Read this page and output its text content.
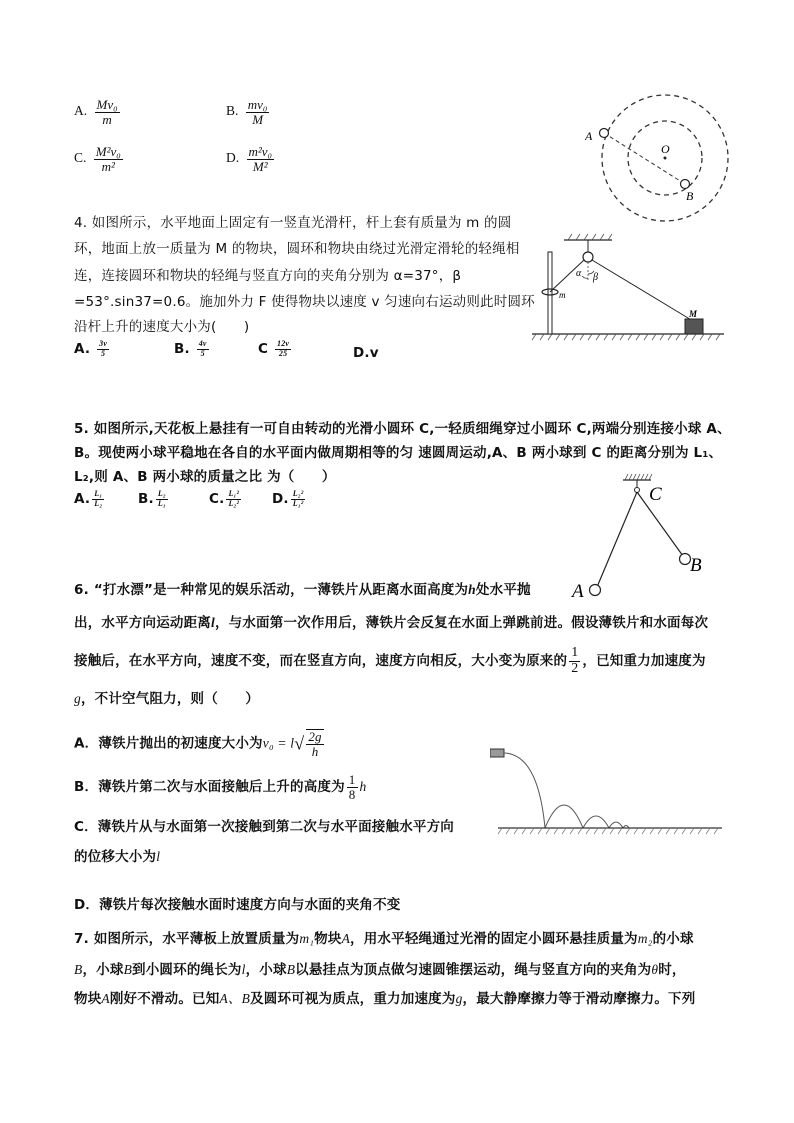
A. $\frac{\text{Mv₀}}{m}$	B. $\frac{\text{mv₀}}{M}$
C. $\frac{\text{M²v₀}}{\text{m²}}$	D. $\frac{\text{m²v₀}}{\text{M²}}$
A
O
B
4. 如图所示，水平地面上固定有一竖直光滑杆，杆上套有质量为 m 的圆
环，地面上放一质量为 M 的物块，圆环和物块由绕过光滑定滑轮的轻绳相
连，连接圆环和物块的轻绳与竖直方向的夹角分别为 α=37°，β
=53°.sin37=0.6。施加外力 F 使得物块以速度 v 匀速向右运动则此时圆环
沿杆上升的速度大小为(　　)
A. $\frac{3v}{5}$	B. $\frac{4v}{5}$	C $\frac{12v}{25}$	D.v
α β
m
M
5. 如图所示,天花板上悬挂有一可自由转动的光滑小圆环 C,一轻质细绳穿过小圆环 C,两端分别连接小球 A、
B。现使两小球平稳地在各自的水平面内做周期相等的匀 速圆周运动,A、B 两小球到 C 的距离分别为 L₁、
L₂,则 A、B 两小球的质量之比 为（　　）
A. $\frac{\text{L₁}}{\text{L₂}} B$. $\frac{\text{L₂}}{\text{L₁}}$	C. $\frac{\text{L₁²}}{\text{L₂²}} D$. $\frac{\text{L₂²}}{\text{L₁²}}$	C
B
A
6. “打水漂”是一种常见的娱乐活动，一薄铁片从距离水面高度为h处水平抛
出，水平方向运动距离l，与水面第一次作用后，薄铁片会反复在水面上弹跳前进。假设薄铁片和水面每次
接触后，在水平方向，速度不变，而在竖直方向，速度方向相反，大小变为原来的 $\frac{1}{2}$ ，已知重力加速度为
g，不计空气阻力，则（　　）
A．薄铁片抛出的初速度大小为$v_0 = l√ \frac{2g}{h}$
B．薄铁片第二次与水面接触后上升的高度为 $\frac{1}{8}$ h
C．薄铁片从与水面第一次接触到第二次与水平面接触水平方向
的位移大小为l
D．薄铁片每次接触水面时速度方向与水面的夹角不变
7. 如图所示，水平薄板上放置质量为m₁物块A，用水平轻绳通过光滑的固定小圆环悬挂质量为m₂的小球
B，小球B到小圆环的绳长为l，小球B以悬挂点为顶点做匀速圆锥摆运动，绳与竖直方向的夹角为θ时，
物块A刚好不滑动。已知A、B及圆环可视为质点，重力加速度为g，最大静摩擦力等于滑动摩擦力。下列
